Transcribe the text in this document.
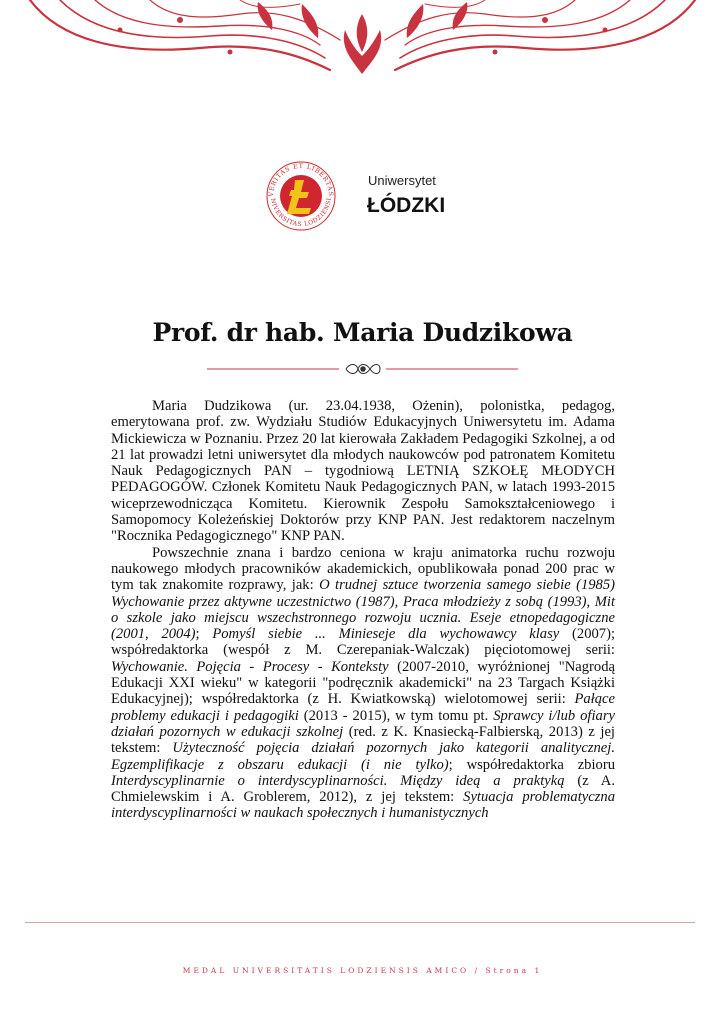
VERITAS ET LIBERTAS
NIVERSITAS LODZIENSI
Uniwersytet
ŁÓDZKI
Prof. dr hab. Maria Dudzikowa

Maria Dudzikowa (ur. 23.04.1938, Ożenin), polonistka, pedagog, emerytowana prof. zw. Wydziału Studiów Edukacyjnych Uniwersytetu im. Adama Mickiewicza w Poznaniu. Przez 20 lat kierowała Zakładem Pedagogiki Szkolnej, a od 21 lat prowadzi letni uniwersytet dla młodych naukowców pod patronatem Komitetu Nauk Pedagogicznych PAN – tygodniową LETNIĄ SZKOŁĘ MŁODYCH PEDAGOGÓW. Członek Komitetu Nauk Pedagogicznych PAN, w latach 1993-2015 wiceprzewodnicząca Komitetu. Kierownik Zespołu Samokształceniowego i Samopomocy Koleżeńskiej Doktorów przy KNP PAN. Jest redaktorem naczelnym "Rocznika Pedagogicznego" KNP PAN.

Powszechnie znana i bardzo ceniona w kraju animatorka ruchu rozwoju naukowego młodych pracowników akademickich, opublikowała ponad 200 prac w tym tak znakomite rozprawy, jak: O trudnej sztuce tworzenia samego siebie (1985) Wychowanie przez aktywne uczestnictwo (1987), Praca młodzieży z sobą (1993), Mit o szkole jako miejscu wszechstronnego rozwoju ucznia. Eseje etnopedagogiczne (2001, 2004); Pomyśl siebie ... Minieseje dla wychowawcy klasy (2007); współredaktorka (wespół z M. Czerepaniak-Walczak) pięciotomowej serii: Wychowanie. Pojęcia - Procesy - Konteksty (2007-2010, wyróżnionej "Nagrodą Edukacji XXI wieku" w kategorii "podręcznik akademicki" na 23 Targach Książki Edukacyjnej); współredaktorka (z H. Kwiatkowską) wielotomowej serii: Pałące problemy edukacji i pedagogiki (2013 - 2015), w tym tomu pt. Sprawcy i/lub ofiary działań pozornych w edukacji szkolnej (red. z K. Knasiecką-Falbierską, 2013) z jej tekstem: Użyteczność pojęcia działań pozornych jako kategorii analitycznej. Egzemplifikacje z obszaru edukacji (i nie tylko); współredaktorka zbioru Interdyscyplinarnie o interdyscyplinarności. Między ideą a praktyką (z A. Chmielewskim i A. Groblerem, 2012), z jej tekstem: Sytuacja problematyczna interdyscyplinarności w naukach społecznych i humanistycznych

MEDAL UNIVERSITATIS LODZIENSIS AMICO / Strona 1
